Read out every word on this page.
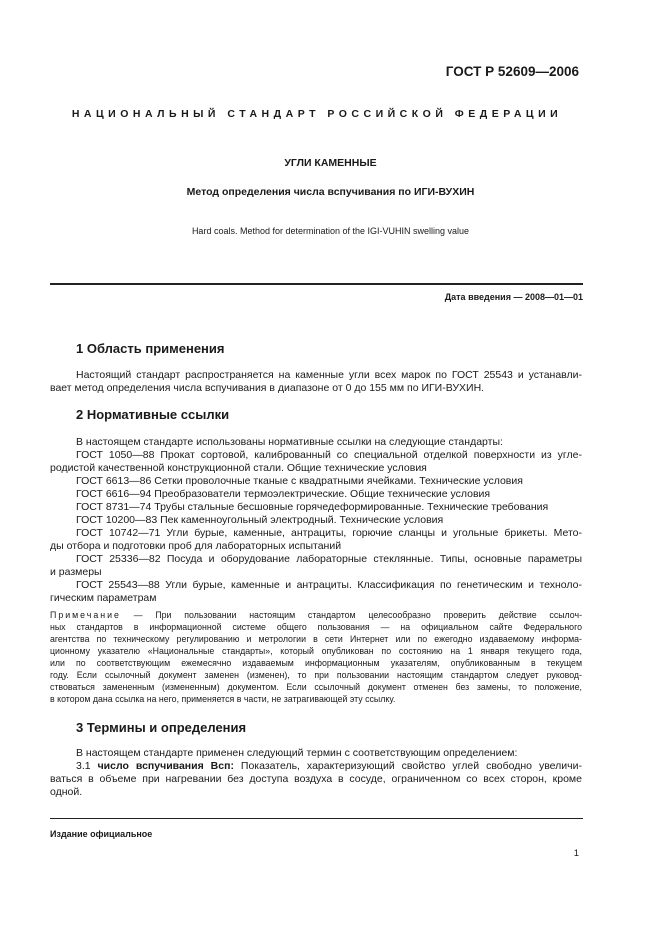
ГОСТ Р 52609—2006
НАЦИОНАЛЬНЫЙ СТАНДАРТ РОССИЙСКОЙ ФЕДЕРАЦИИ
УГЛИ КАМЕННЫЕ
Метод определения числа вспучивания по ИГИ-ВУХИН
Hard coals. Method for determination of the IGI-VUHIN swelling value
Дата введения — 2008—01—01
1 Область применения
Настоящий стандарт распространяется на каменные угли всех марок по ГОСТ 25543 и устанавли-
вает метод определения числа вспучивания в диапазоне от 0 до 155 мм по ИГИ-ВУХИН.
2 Нормативные ссылки
В настоящем стандарте использованы нормативные ссылки на следующие стандарты:
ГОСТ 1050—88 Прокат сортовой, калиброванный со специальной отделкой поверхности из угле-
родистой качественной конструкционной стали. Общие технические условия
ГОСТ 6613—86 Сетки проволочные тканые с квадратными ячейками. Технические условия
ГОСТ 6616—94 Преобразователи термоэлектрические. Общие технические условия
ГОСТ 8731—74 Трубы стальные бесшовные горячедеформированные. Технические требования
ГОСТ 10200—83 Пек каменноугольный электродный. Технические условия
ГОСТ 10742—71 Угли бурые, каменные, антрациты, горючие сланцы и угольные брикеты. Мето-
ды отбора и подготовки проб для лабораторных испытаний
ГОСТ 25336—82 Посуда и оборудование лабораторные стеклянные. Типы, основные параметры
и размеры
ГОСТ 25543—88 Угли бурые, каменные и антрациты. Классификация по генетическим и техноло-
гическим параметрам
Примечание — При пользовании настоящим стандартом целесообразно проверить действие ссылоч-
ных стандартов в информационной системе общего пользования — на официальном сайте Федерального
агентства по техническому регулированию и метрологии в сети Интернет или по ежегодно издаваемому информа-
ционному указателю «Национальные стандарты», который опубликован по состоянию на 1 января текущего года,
или по соответствующим ежемесячно издаваемым информационным указателям, опубликованным в текущем
году. Если ссылочный документ заменен (изменен), то при пользовании настоящим стандартом следует руковод-
ствоваться замененным (измененным) документом. Если ссылочный документ отменен без замены, то положение,
в котором дана ссылка на него, применяется в части, не затрагивающей эту ссылку.
3 Термины и определения
В настоящем стандарте применен следующий термин с соответствующим определением:
3.1 число вспучивания Всп: Показатель, характеризующий свойство углей свободно увеличи-
ваться в объеме при нагревании без доступа воздуха в сосуде, ограниченном со всех сторон, кроме
одной.
Издание официальное
1
